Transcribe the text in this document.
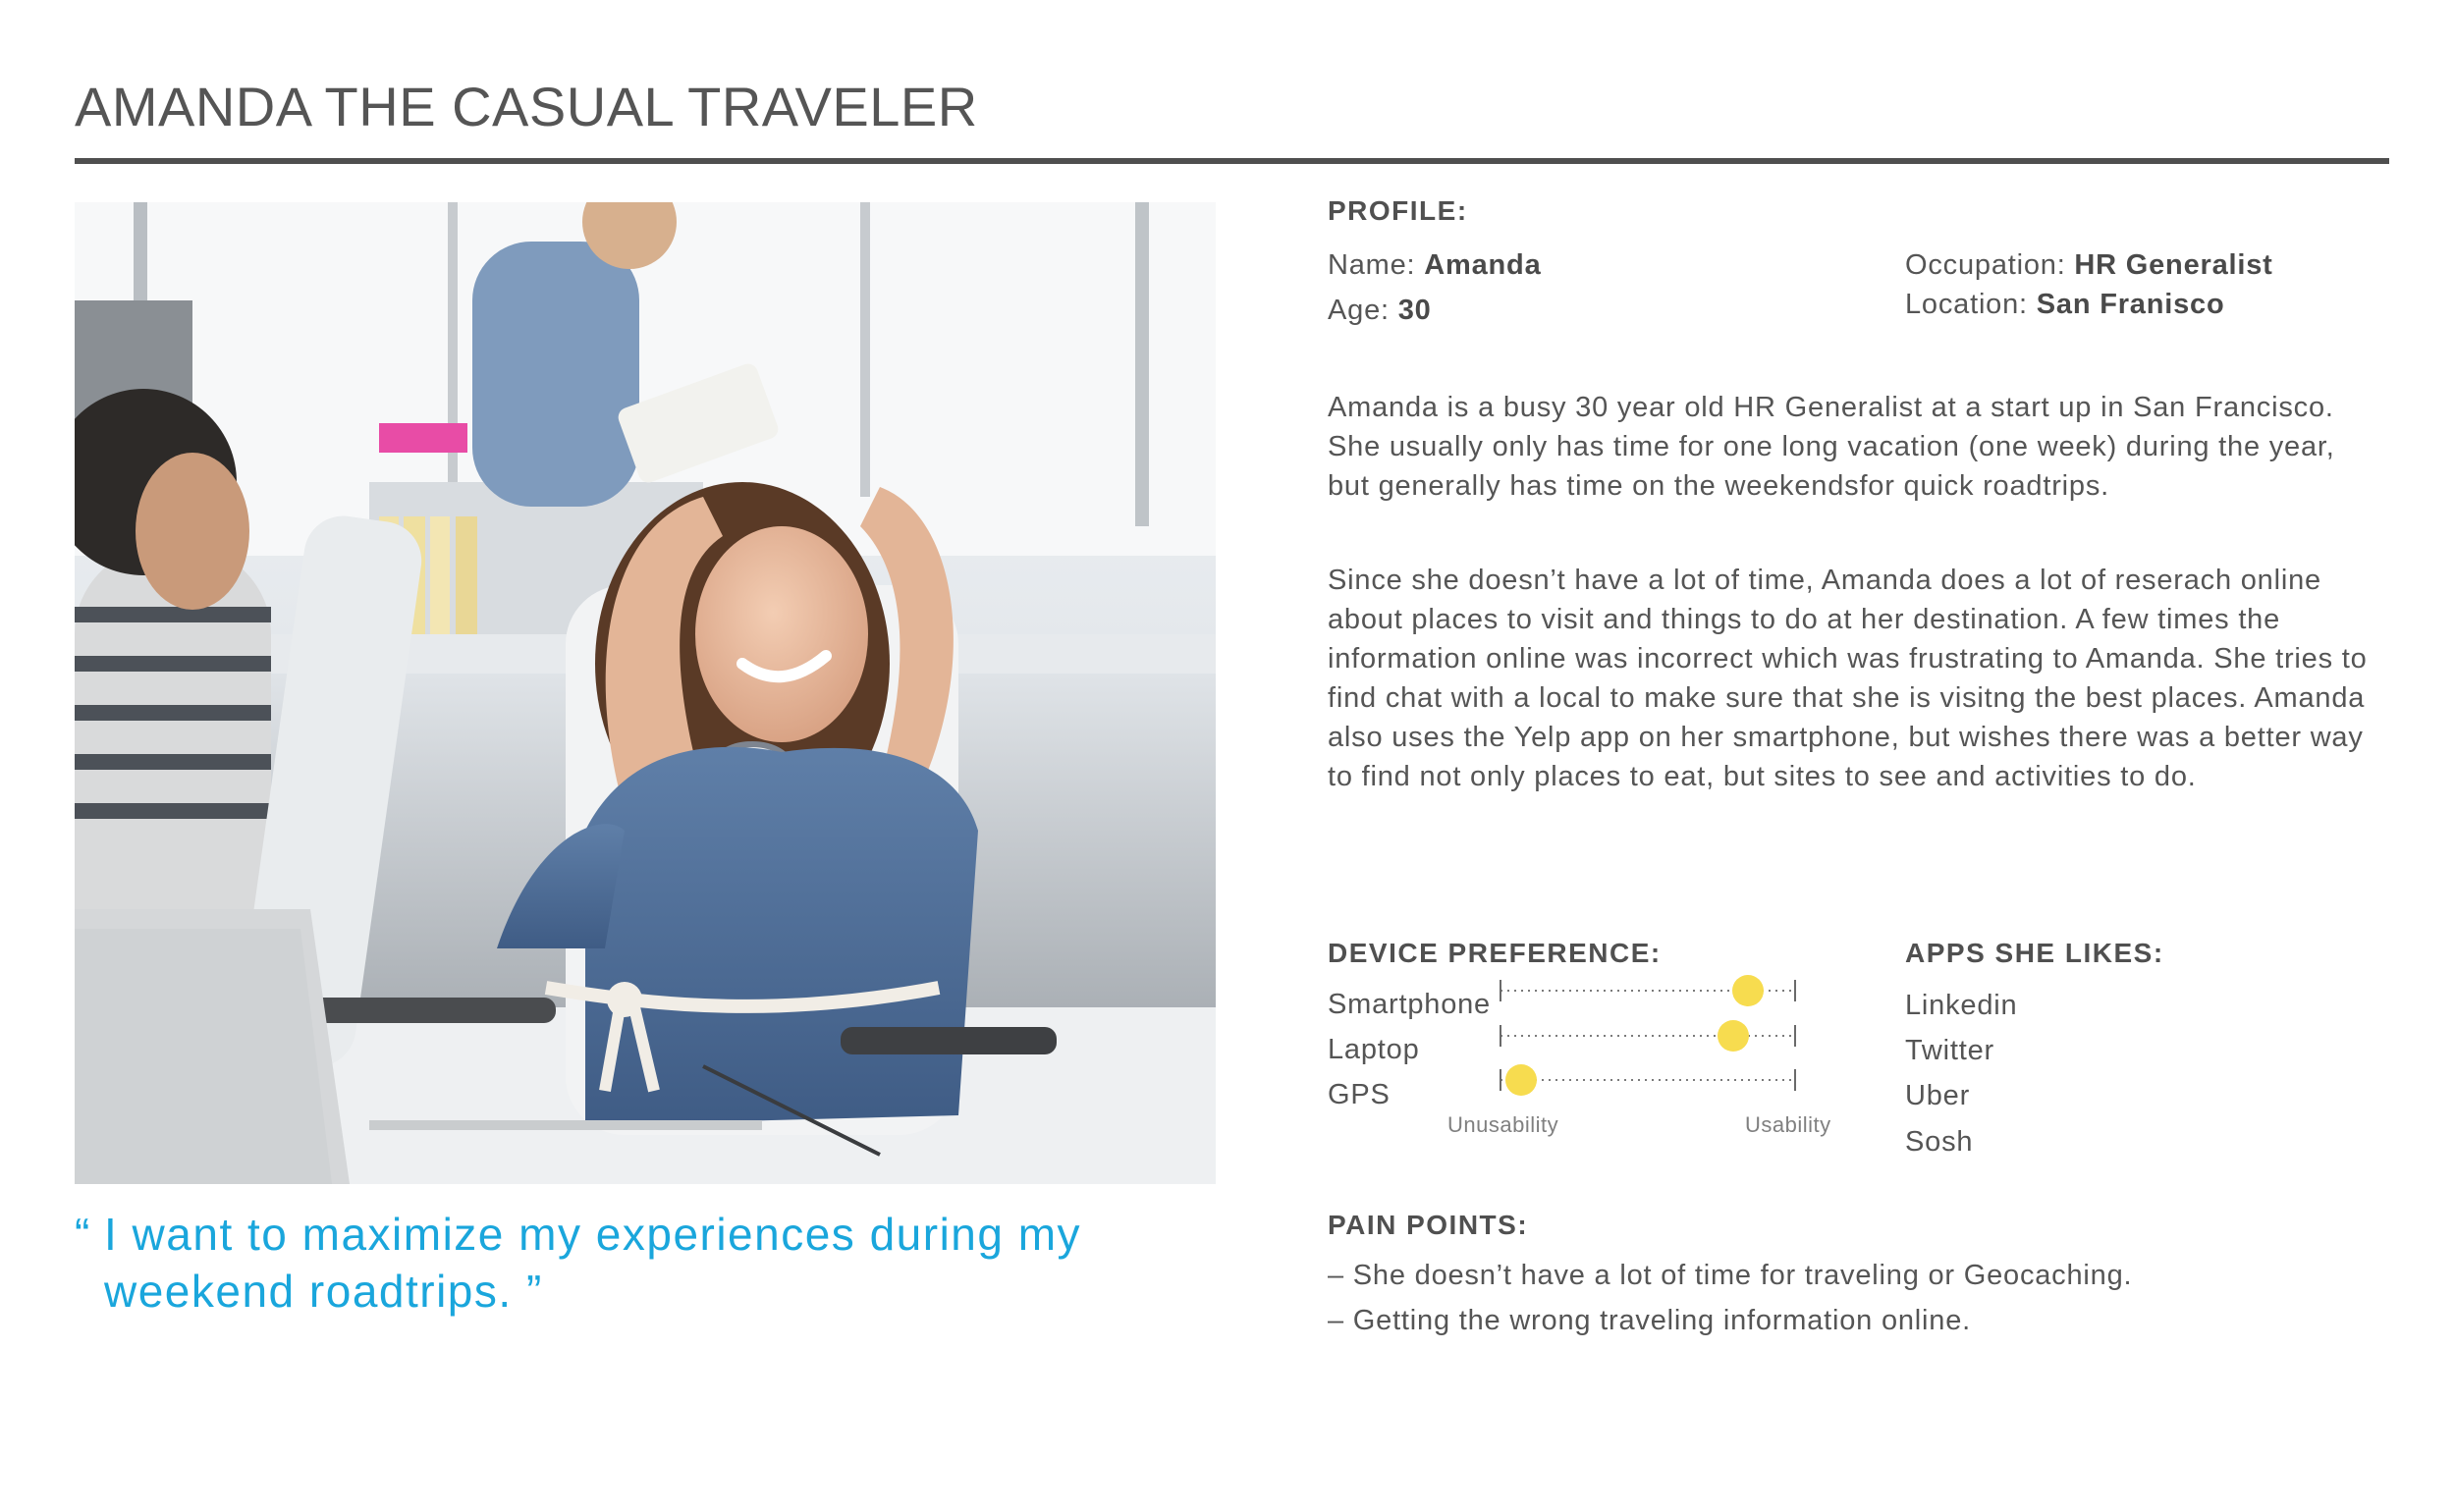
AMANDA THE CASUAL TRAVELER
“ I want to maximize my experiences during my weekend roadtrips. ”
PROFILE:
Name: Amanda
Age: 30
Occupation: HR Generalist
Location: San Franisco
Amanda is a busy 30 year old HR Generalist at a start up in San Francisco. She usually only has time for one long vacation (one week) during the year, but generally has time on the weekendsfor quick roadtrips.
Since she doesn’t have a lot of time, Amanda does a lot of reserach online about places to visit and things to do at her destination. A few times the information online was incorrect which was frustrating to Amanda. She tries to find chat with a local to make sure that she is visitng the best places. Amanda also uses the Yelp app on her smartphone, but wishes there was a better way to find not only places to eat, but sites to see and activities to do.
DEVICE PREFERENCE:
Smartphone
Laptop
GPS
Unusability	Usability
APPS SHE LIKES:
Linkedin
Twitter
Uber
Sosh
PAIN POINTS:
– She doesn’t have a lot of time for traveling or Geocaching.
– Getting the wrong traveling information online.
